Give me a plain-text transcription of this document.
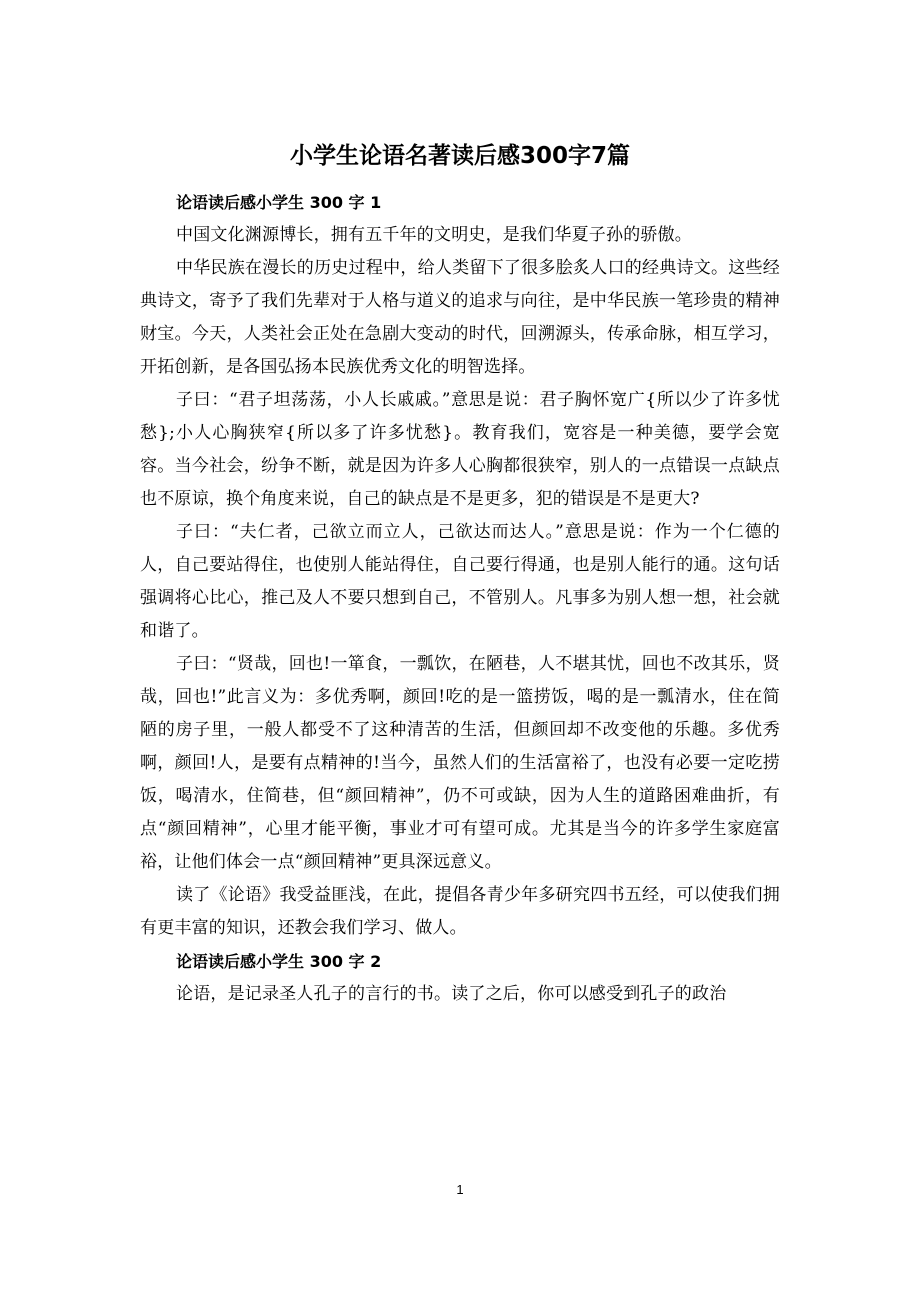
小学生论语名著读后感300字7篇

论语读后感小学生 300 字 1

中国文化渊源博长，拥有五千年的文明史，是我们华夏子孙的骄傲。

中华民族在漫长的历史过程中，给人类留下了很多脍炙人口的经典诗文。这些经典诗文，寄予了我们先辈对于人格与道义的追求与向往，是中华民族一笔珍贵的精神财宝。今天，人类社会正处在急剧大变动的时代，回溯源头，传承命脉，相互学习，开拓创新，是各国弘扬本民族优秀文化的明智选择。

子曰：“君子坦荡荡，小人长戚戚。”意思是说：君子胸怀宽广{所以少了许多忧愁};小人心胸狭窄{所以多了许多忧愁}。教育我们，宽容是一种美德，要学会宽容。当今社会，纷争不断，就是因为许多人心胸都很狭窄，别人的一点错误一点缺点也不原谅，换个角度来说，自己的缺点是不是更多，犯的错误是不是更大?

子曰：“夫仁者，己欲立而立人，己欲达而达人。”意思是说：作为一个仁德的人，自己要站得住，也使别人能站得住，自己要行得通，也是别人能行的通。这句话强调将心比心，推己及人不要只想到自己，不管别人。凡事多为别人想一想，社会就和谐了。

子曰：“贤哉，回也!一箪食，一瓢饮，在陋巷，人不堪其忧，回也不改其乐，贤哉，回也!”此言义为：多优秀啊，颜回!吃的是一篮捞饭，喝的是一瓢清水，住在简陋的房子里，一般人都受不了这种清苦的生活，但颜回却不改变他的乐趣。多优秀啊，颜回!人，是要有点精神的!当今，虽然人们的生活富裕了，也没有必要一定吃捞饭，喝清水，住简巷，但“颜回精神”，仍不可或缺，因为人生的道路困难曲折，有点“颜回精神”，心里才能平衡，事业才可有望可成。尤其是当今的许多学生家庭富裕，让他们体会一点“颜回精神”更具深远意义。

读了《论语》我受益匪浅，在此，提倡各青少年多研究四书五经，可以使我们拥有更丰富的知识，还教会我们学习、做人。

论语读后感小学生 300 字 2

论语，是记录圣人孔子的言行的书。读了之后，你可以感受到孔子的政治

1
